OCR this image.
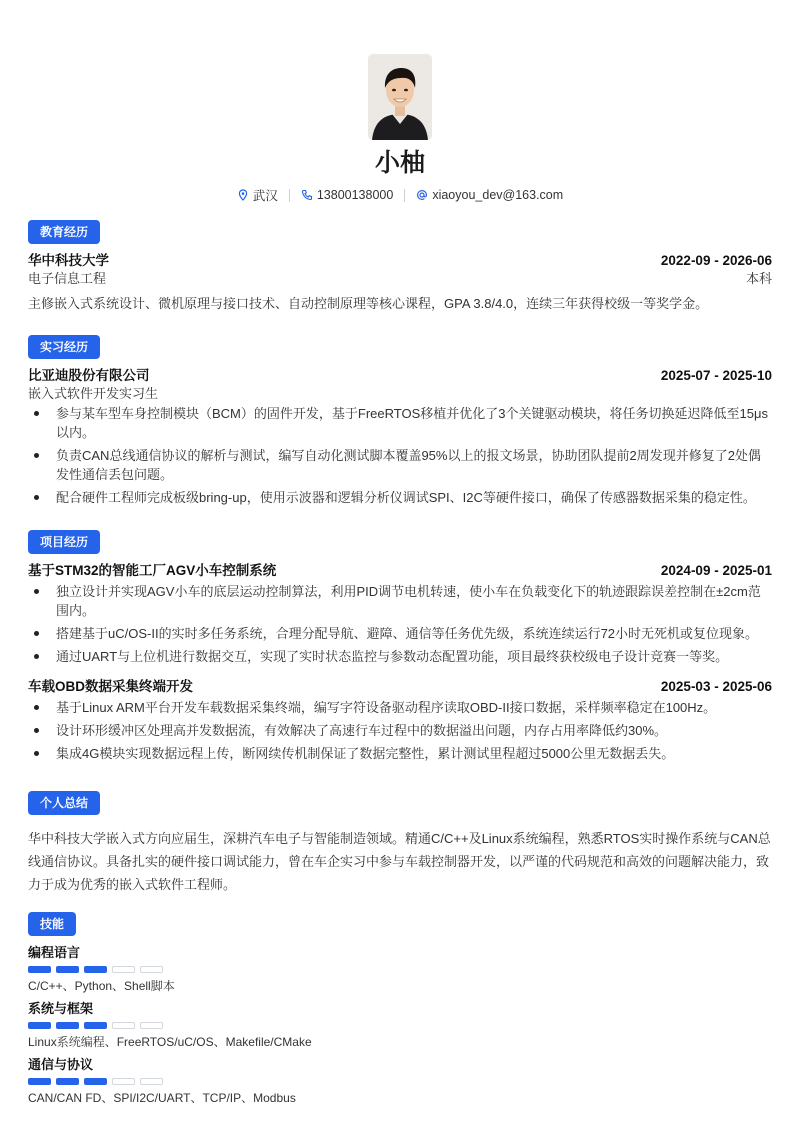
小柚
武汉	13800138000	xiaoyou_dev@163.com
教育经历
华中科技大学	2022-09 - 2026-06
电子信息工程	本科
主修嵌入式系统设计、微机原理与接口技术、自动控制原理等核心课程，GPA 3.8/4.0，连续三年获得校级一等奖学金。
实习经历
比亚迪股份有限公司	2025-07 - 2025-10
嵌入式软件开发实习生
参与某车型车身控制模块（BCM）的固件开发，基于FreeRTOS移植并优化了3个关键驱动模块，将任务切换延迟降低至15μs以内。
负责CAN总线通信协议的解析与测试，编写自动化测试脚本覆盖95%以上的报文场景，协助团队提前2周发现并修复了2处偶发性通信丢包问题。
配合硬件工程师完成板级bring-up，使用示波器和逻辑分析仪调试SPI、I2C等硬件接口，确保了传感器数据采集的稳定性。
项目经历
基于STM32的智能工厂AGV小车控制系统	2024-09 - 2025-01
独立设计并实现AGV小车的底层运动控制算法，利用PID调节电机转速，使小车在负载变化下的轨迹跟踪误差控制在±2cm范围内。
搭建基于uC/OS-II的实时多任务系统，合理分配导航、避障、通信等任务优先级，系统连续运行72小时无死机或复位现象。
通过UART与上位机进行数据交互，实现了实时状态监控与参数动态配置功能，项目最终获校级电子设计竞赛一等奖。
车载OBD数据采集终端开发	2025-03 - 2025-06
基于Linux ARM平台开发车载数据采集终端，编写字符设备驱动程序读取OBD-II接口数据，采样频率稳定在100Hz。
设计环形缓冲区处理高并发数据流，有效解决了高速行车过程中的数据溢出问题，内存占用率降低约30%。
集成4G模块实现数据远程上传，断网续传机制保证了数据完整性，累计测试里程超过5000公里无数据丢失。
个人总结
华中科技大学嵌入式方向应届生，深耕汽车电子与智能制造领域。精通C/C++及Linux系统编程，熟悉RTOS实时操作系统与CAN总线通信协议。具备扎实的硬件接口调试能力，曾在车企实习中参与车载控制器开发，以严谨的代码规范和高效的问题解决能力，致力于成为优秀的嵌入式软件工程师。
技能
编程语言
C/C++、Python、Shell脚本
系统与框架
Linux系统编程、FreeRTOS/uC/OS、Makefile/CMake
通信与协议
CAN/CAN FD、SPI/I2C/UART、TCP/IP、Modbus
